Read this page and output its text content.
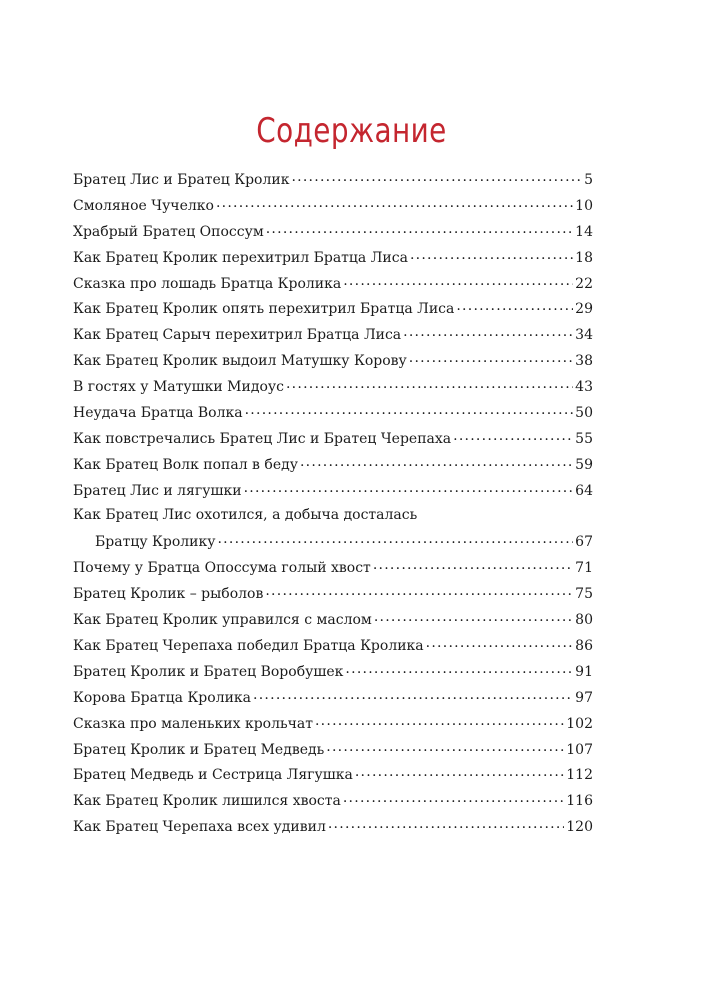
Содержание
Братец Лис и Братец Кролик . . .	5
Смоляное Чучелко . . .	10
Храбрый Братец Опоссум . . .	14
Как Братец Кролик перехитрил Братца Лиса . . .	18
Сказка про лошадь Братца Кролика . . .	22
Как Братец Кролик опять перехитрил Братца Лиса . . .	29
Как Братец Сарыч перехитрил Братца Лиса . . .	34
Как Братец Кролик выдоил Матушку Корову . . .	38
В гостях у Матушки Мидоус . . .	43
Неудача Братца Волка . . .	50
Как повстречались Братец Лис и Братец Черепаха . . .	55
Как Братец Волк попал в беду . . .	59
Братец Лис и лягушки . . .	64
Как Братец Лис охотился, а добыча досталась
Братцу Кролику . . .	67
Почему у Братца Опоссума голый хвост . . .	71
Братец Кролик – рыболов . . .	75
Как Братец Кролик управился с маслом . . .	80
Как Братец Черепаха победил Братца Кролика . . .	86
Братец Кролик и Братец Воробушек . . .	91
Корова Братца Кролика . . .	97
Сказка про маленьких крольчат . . .	102
Братец Кролик и Братец Медведь . . .	107
Братец Медведь и Сестрица Лягушка . . .	112
Как Братец Кролик лишился хвоста . . .	116
Как Братец Черепаха всех удивил . . .	120
